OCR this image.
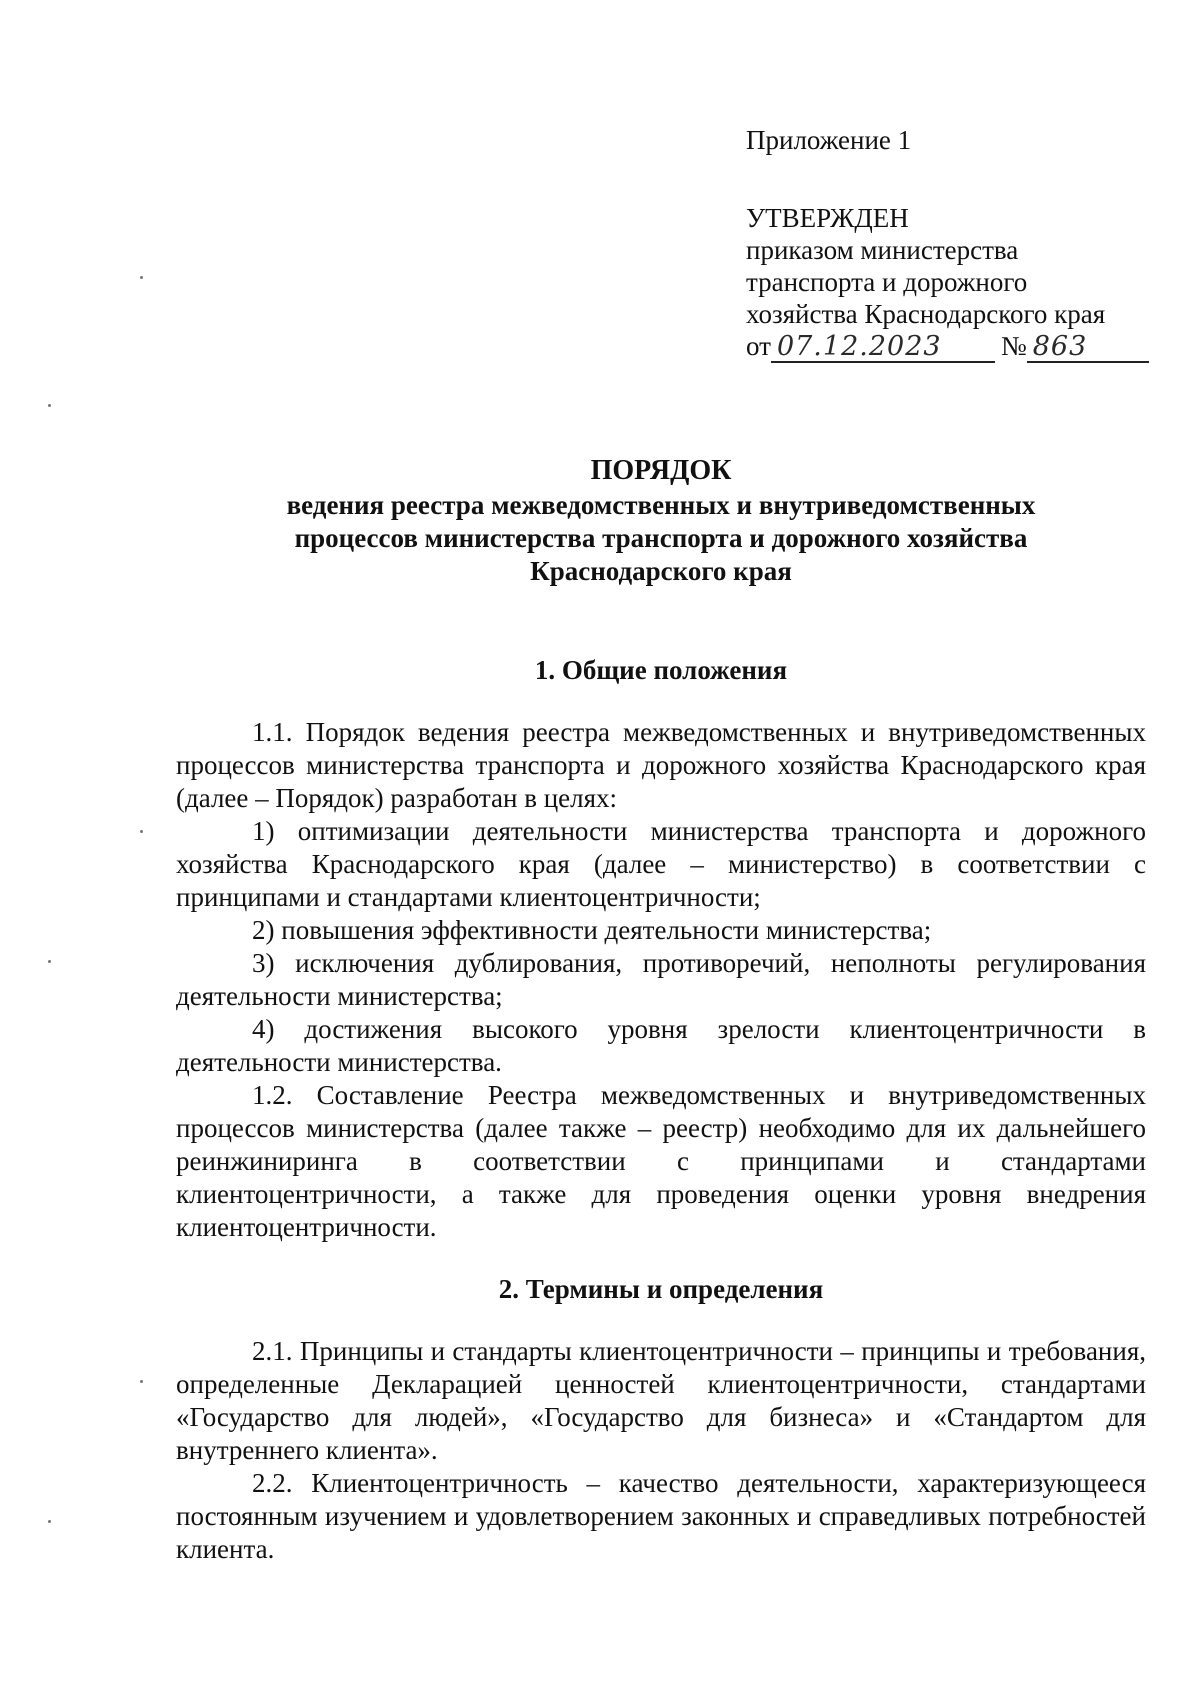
Приложение 1
УТВЕРЖДЕН
приказом министерства
транспорта и дорожного
хозяйства Краснодарского края
от 07.12.2023 № 863
ПОРЯДОК
ведения реестра межведомственных и внутриведомственных
процессов министерства транспорта и дорожного хозяйства
Краснодарского края
1. Общие положения

1.1. Порядок ведения реестра межведомственных и внутриведомственных процессов министерства транспорта и дорожного хозяйства Краснодарского края (далее – Порядок) разработан в целях:

1) оптимизации деятельности министерства транспорта и дорожного хозяйства Краснодарского края (далее – министерство) в соответствии с принципами и стандартами клиентоцентричности;

2) повышения эффективности деятельности министерства;

3) исключения дублирования, противоречий, неполноты регулирования деятельности министерства;

4) достижения высокого уровня зрелости клиентоцентричности в деятельности министерства.

1.2. Составление Реестра межведомственных и внутриведомственных процессов министерства (далее также – реестр) необходимо для их дальнейшего реинжиниринга в соответствии с принципами и стандартами клиентоцентричности, а также для проведения оценки уровня внедрения клиентоцентричности.

2. Термины и определения

2.1. Принципы и стандарты клиентоцентричности – принципы и требования, определенные Декларацией ценностей клиентоцентричности, стандартами «Государство для людей», «Государство для бизнеса» и «Стандартом для внутреннего клиента».

2.2. Клиентоцентричность – качество деятельности, характеризующееся постоянным изучением и удовлетворением законных и справедливых потребностей клиента.
